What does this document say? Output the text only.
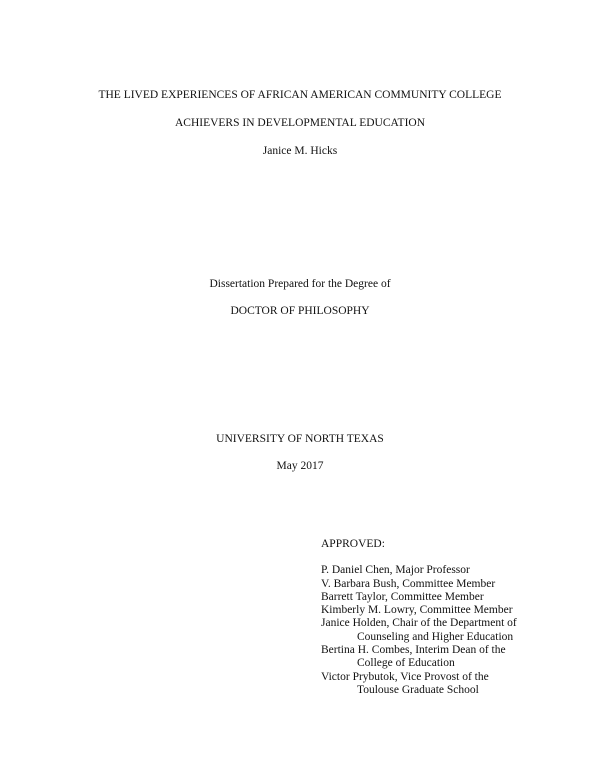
THE LIVED EXPERIENCES OF AFRICAN AMERICAN COMMUNITY COLLEGE
ACHIEVERS IN DEVELOPMENTAL EDUCATION
Janice M. Hicks
Dissertation Prepared for the Degree of
DOCTOR OF PHILOSOPHY
UNIVERSITY OF NORTH TEXAS
May 2017
APPROVED:
P. Daniel Chen, Major Professor
V. Barbara Bush, Committee Member
Barrett Taylor, Committee Member
Kimberly M. Lowry, Committee Member
Janice Holden, Chair of the Department of
Counseling and Higher Education
Bertina H. Combes, Interim Dean of the
College of Education
Victor Prybutok, Vice Provost of the
Toulouse Graduate School
